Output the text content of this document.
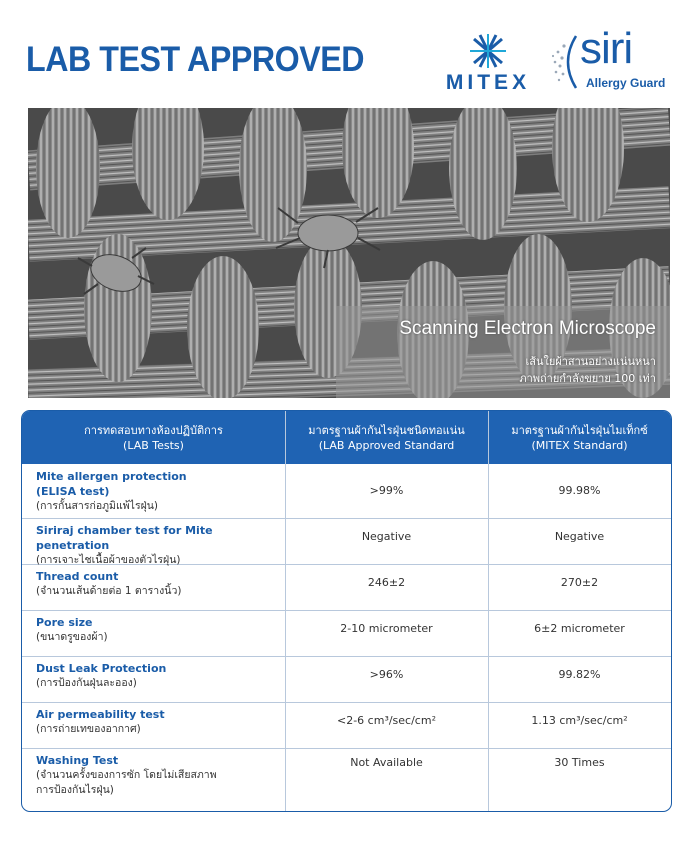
LAB TEST APPROVED
MITEX
siri
Allergy Guard
Scanning Electron Microscope
เส้นใยผ้าสานอย่างแน่นหนา
ภาพถ่ายกำลังขยาย 100 เท่า
การทดสอบทางห้องปฏิบัติการ
(LAB Tests)
มาตรฐานผ้ากันไรฝุ่นชนิดทอแน่น
(LAB Approved Standard
มาตรฐานผ้ากันไรฝุ่นไมเท็กซ์
(MITEX Standard)
Mite allergen protection
(ELISA test)
(การกั้นสารก่อภูมิแพ้ไรฝุ่น)
>99%	99.98%
Siriraj chamber test for Mite penetration
(การเจาะไชเนื้อผ้าของตัวไรฝุ่น)
Negative	Negative
Thread count
(จำนวนเส้นด้ายต่อ 1 ตารางนิ้ว)
246±2	270±2
Pore size
(ขนาดรูของผ้า)
2-10 micrometer	6±2 micrometer
Dust Leak Protection
(การป้องกันฝุ่นละออง)
>96%	99.82%
Air permeability test
(การถ่ายเทของอากาศ)
<2-6 cm³/sec/cm²	1.13 cm³/sec/cm²
Washing Test
(จำนวนครั้งของการซัก โดยไม่เสียสภาพ
การป้องกันไรฝุ่น)
Not Available	30 Times
